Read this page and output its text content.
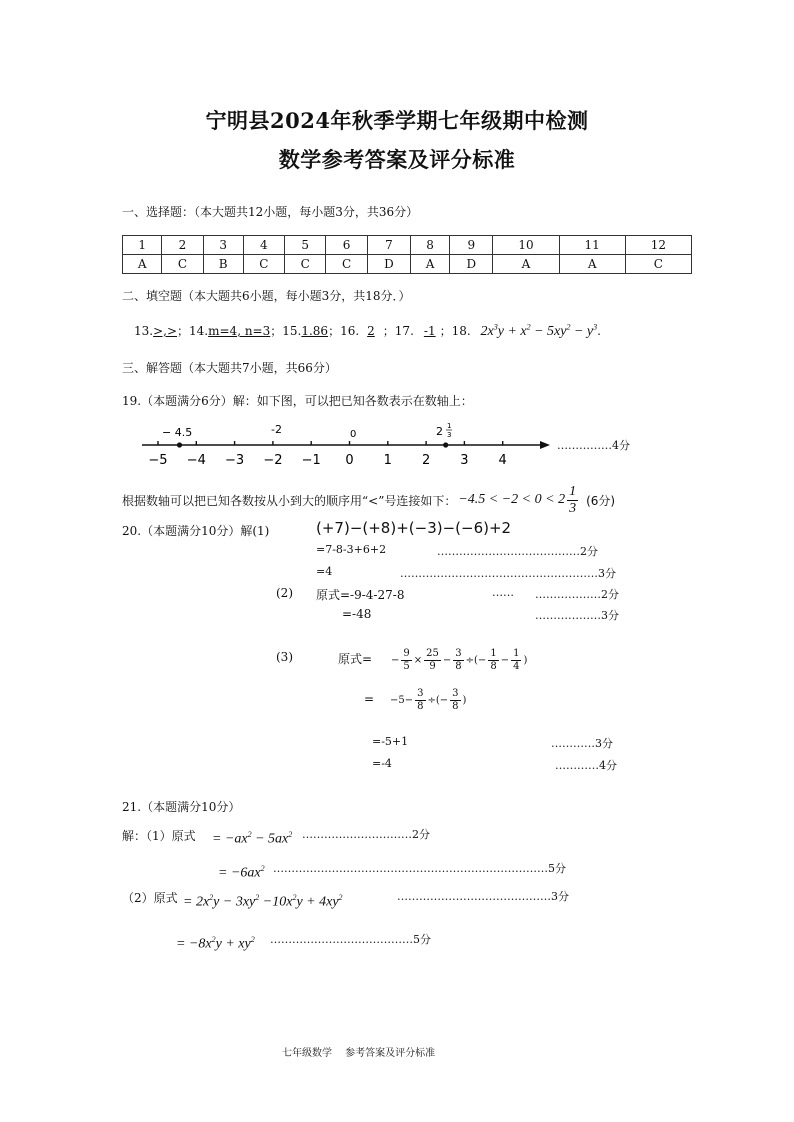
宁明县2024年秋季学期七年级期中检测
数学参考答案及评分标准
一、选择题：（本大题共12小题，每小题3分，共36分）
1	2	3	4	5	6	7	8	9	10	11	12
A	C	B	C	C	C	D	A	D	A	A	C
二、填空题（本大题共6小题，每小题3分，共18分．）
13.>,>；14.m=4, n=3；15.1.86；16. 2 ；17. -1 ；18. $2x^3y + x^2 - 5xy^2 - y^3$.
三、解答题（本大题共7小题，共66分）
19.（本题满分6分）解：如下图，可以把已知各数表示在数轴上：
−5 −4 −3 −2 −1 0 1 2 3 4
− 4.5	-2	0	2 1
3
……………4分
根据数轴可以把已知各数按从小到大的顺序用“<”号连接如下： $-4.5 < -2 < 0 < 2 \frac{1}{3} (6$分)
20.（本题满分10分）解(1)	(+7)−(+8)+(−3)−(−6)+2
=7-8-3+6+2	…………………………………2分
=4	………………………………………………3分
(2) 原式=-9-4-27-8	…… ………………2分
=-48	………………3分
(3)	原式= − $\frac{9}{5} \times \frac{25}{9} - \frac{3}{8}$ ÷(− $\frac{1}{8} - \frac{1}{4}$ )
= $-5- \frac{3}{8}$ ÷(− $\frac{3}{8}$ )
=-5+1	…………3分
=-4	…………4分
21.（本题满分10分）
解：（1）原式 = $-ax^2 - 5ax^2$ …………………………2分
= $-6ax^2$ …………………………………………………………………5分
（2）原式 = $2x^2y - 3xy^2 -10x^2y + 4xy^2$	……………………………………3分
= $-8x^2y + xy^2$ …………………………………5分
七年级数学　 参考答案及评分标准
